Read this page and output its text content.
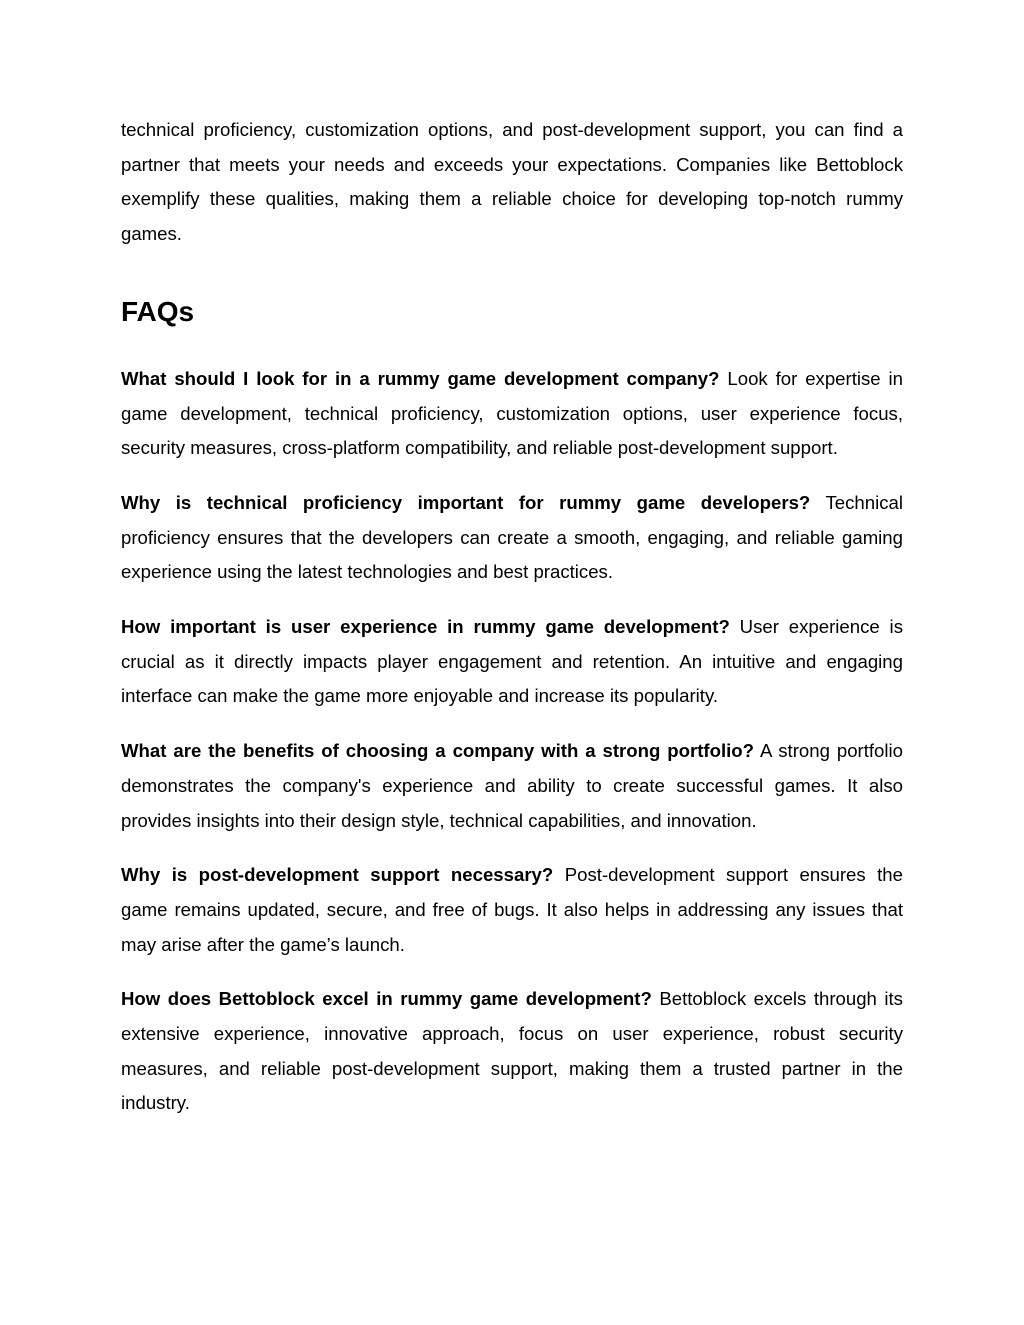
technical proficiency, customization options, and post-development support, you can find a partner that meets your needs and exceeds your expectations. Companies like Bettoblock exemplify these qualities, making them a reliable choice for developing top-notch rummy games.

FAQs

What should I look for in a rummy game development company? Look for expertise in game development, technical proficiency, customization options, user experience focus, security measures, cross-platform compatibility, and reliable post-development support.

Why is technical proficiency important for rummy game developers? Technical proficiency ensures that the developers can create a smooth, engaging, and reliable gaming experience using the latest technologies and best practices.

How important is user experience in rummy game development? User experience is crucial as it directly impacts player engagement and retention. An intuitive and engaging interface can make the game more enjoyable and increase its popularity.

What are the benefits of choosing a company with a strong portfolio? A strong portfolio demonstrates the company's experience and ability to create successful games. It also provides insights into their design style, technical capabilities, and innovation.

Why is post-development support necessary? Post-development support ensures the game remains updated, secure, and free of bugs. It also helps in addressing any issues that may arise after the game’s launch.

How does Bettoblock excel in rummy game development? Bettoblock excels through its extensive experience, innovative approach, focus on user experience, robust security measures, and reliable post-development support, making them a trusted partner in the industry.
